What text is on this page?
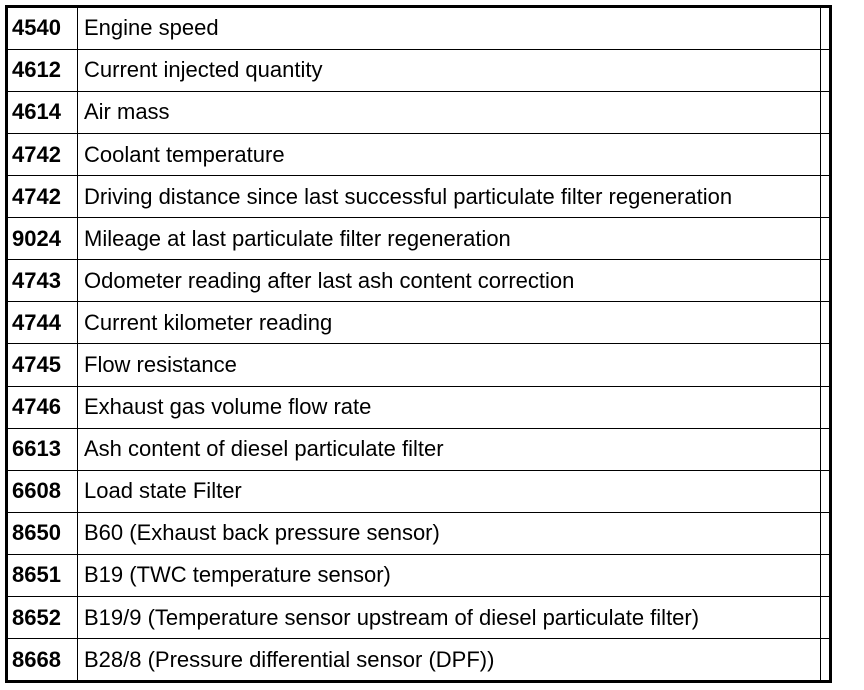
4540	Engine speed	
4612	Current injected quantity	
4614	Air mass	
4742	Coolant temperature	
4742	Driving distance since last successful particulate filter regeneration	
9024	Mileage at last particulate filter regeneration	
4743	Odometer reading after last ash content correction	
4744	Current kilometer reading	
4745	Flow resistance	
4746	Exhaust gas volume flow rate	
6613	Ash content of diesel particulate filter	
6608	Load state Filter	
8650	B60 (Exhaust back pressure sensor)	
8651	B19 (TWC temperature sensor)	
8652	B19/9 (Temperature sensor upstream of diesel particulate filter)	
8668	B28/8 (Pressure differential sensor (DPF))	
